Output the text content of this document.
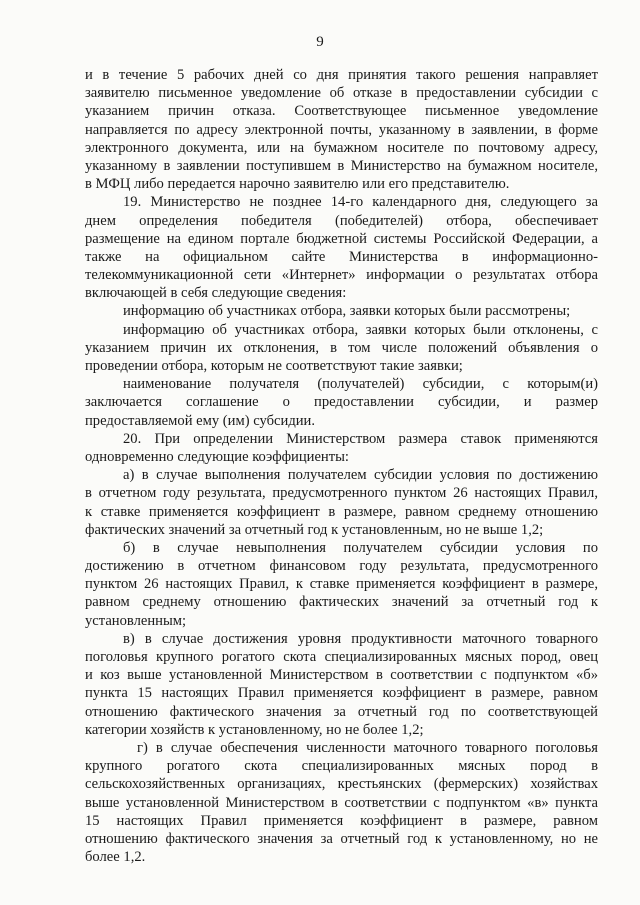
9
и в течение 5 рабочих дней со дня принятия такого решения направляет
заявителю письменное уведомление об отказе в предоставлении субсидии с
указанием причин отказа. Соответствующее письменное уведомление
направляется по адресу электронной почты, указанному в заявлении, в форме
электронного документа, или на бумажном носителе по почтовому адресу,
указанному в заявлении поступившем в Министерство на бумажном носителе,
в МФЦ либо передается нарочно заявителю или его представителю.
19. Министерство не позднее 14-го календарного дня, следующего за
днем определения победителя (победителей) отбора, обеспечивает
размещение на едином портале бюджетной системы Российской Федерации, а
также на официальном сайте Министерства в информационно-
телекоммуникационной сети «Интернет» информации о результатах отбора
включающей в себя следующие сведения:
информацию об участниках отбора, заявки которых были рассмотрены;
информацию об участниках отбора, заявки которых были отклонены, с
указанием причин их отклонения, в том числе положений объявления о
проведении отбора, которым не соответствуют такие заявки;
наименование получателя (получателей) субсидии, с которым(и)
заключается соглашение о предоставлении субсидии, и размер
предоставляемой ему (им) субсидии.
20. При определении Министерством размера ставок применяются
одновременно следующие коэффициенты:
а) в случае выполнения получателем субсидии условия по достижению
в отчетном году результата, предусмотренного пунктом 26 настоящих Правил,
к ставке применяется коэффициент в размере, равном среднему отношению
фактических значений за отчетный год к установленным, но не выше 1,2;
б) в случае невыполнения получателем субсидии условия по
достижению в отчетном финансовом году результата, предусмотренного
пунктом 26 настоящих Правил, к ставке применяется коэффициент в размере,
равном среднему отношению фактических значений за отчетный год к
установленным;
в) в случае достижения уровня продуктивности маточного товарного
поголовья крупного рогатого скота специализированных мясных пород, овец
и коз выше установленной Министерством в соответствии с подпунктом «б»
пункта 15 настоящих Правил применяется коэффициент в размере, равном
отношению фактического значения за отчетный год по соответствующей
категории хозяйств к установленному, но не более 1,2;
г) в случае обеспечения численности маточного товарного поголовья
крупного рогатого скота специализированных мясных пород в
сельскохозяйственных организациях, крестьянских (фермерских) хозяйствах
выше установленной Министерством в соответствии с подпунктом «в» пункта
15 настоящих Правил применяется коэффициент в размере, равном
отношению фактического значения за отчетный год к установленному, но не
более 1,2.
